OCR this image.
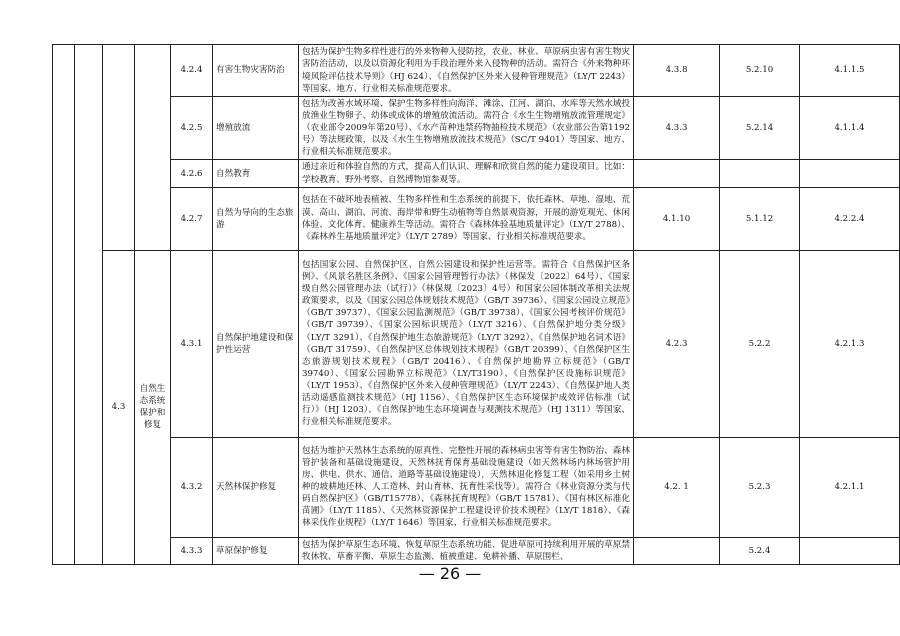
				4.2.4	有害生物灾害防治	包括为保护生物多样性进行的外来物种入侵防控，农业、林业、草原病虫害有害生物灾害防治活动，以及以资源化利用为手段治理外来入侵物种的活动。需符合《外来物种环境风险评估技术导则》（HJ 624）、《自然保护区外来入侵种管理规范》（LY/T 2243）等国家、地方、行业相关标准规范要求。	4.3.8	5.2.10	4.1.1.5
				4.2.5	增殖放流	包括为改善水域环境、保护生物多样性向海洋、滩涂、江河、湖泊、水库等天然水域投放渔业生物卵子、幼体或成体的增殖放流活动。需符合《水生生物增殖放流管理规定》（农业部令2009年第20号）、《水产苗种违禁药物抽检技术规范》（农业部公告第1192号）等法规政策，以及《水生生物增殖放流技术规范》（SC/T 9401）等国家、地方、行业相关标准规范要求。	4.3.3	5.2.14	4.1.1.4
				4.2.6	自然教育	通过亲近和体验自然的方式，提高人们认识、理解和欣赏自然的能力建设项目。比如：学校教育、野外考察、自然博物馆参观等。			
				4.2.7	自然为导向的生态旅游	包括在不破坏地表植被、生物多样性和生态系统的前提下，依托森林、草地、湿地、荒漠、高山、湖泊、河流、海岸带和野生动植物等自然景观资源，开展的游览观光、休闲体验、文化体育、健康养生等活动。需符合《森林体验基地质量评定》（LY/T 2788）、《森林养生基地质量评定》（LY/T 2789）等国家、行业相关标准规范要求。	4.1.10	5.1.12	4.2.2.4
		4.3	自然生态系统保护和修复	4.3.1	自然保护地建设和保护性运营	包括国家公园、自然保护区、自然公园建设和保护性运营等。需符合《自然保护区条例》、《风景名胜区条例》、《国家公园管理暂行办法》（林保发〔2022〕64号）、《国家级自然公园管理办法（试行）》（林保规〔2023〕4号）和国家公园体制改革相关法规政策要求，以及《国家公园总体规划技术规范》（GB/T 39736）、《国家公园设立规范》（GB/T 39737）、《国家公园监测规范》（GB/T 39738）、《国家公园考核评价规范》（GB/T 39739）、《国家公园标识规范》（LY/T 3216）、《自然保护地分类分级》（LY/T 3291）、《自然保护地生态旅游规范》（LY/T 3292）、《自然保护地名词术语》（GB/T 31759）、《自然保护区总体规划技术规程》（GB/T 20399）、《自然保护区生态旅游规划技术规程》（GB/T 20416）、《自然保护地勘界立标规范》（GB/T 39740）、《国家公园勘界立标规范》（LY/T3190）、《自然保护区设施标识规范》（LY/T 1953）、《自然保护区外来入侵种管理规范》（LY/T 2243）、《自然保护地人类活动遥感监测技术规范》（HJ 1156）、《自然保护区生态环境保护成效评估标准（试行）》（HJ 1203）、《自然保护地生态环境调查与观测技术规范》（HJ 1311）等国家、行业相关标准规范要求。	4.2.3	5.2.2	4.2.1.3
				4.3.2	天然林保护修复	包括为维护天然林生态系统的原真性、完整性开展的森林病虫害等有害生物防治、森林管护装备和基础设施建设，天然林抚育保育基础设施建设（如天然林场内林场管护用房、供电、供水、通信、道路等基础设施建设），天然林退化修复工程（如采用乡土树种的坡耕地还林、人工造林、封山育林、抚育性采伐等）。需符合《林业资源分类与代码自然保护区》（GB/T15778）、《森林抚育规程》（GB/T 15781）、《国有林区标准化苗圃》（LY/T 1185）、《天然林资源保护工程建设评价技术规程》（LY/T 1818）、《森林采伐作业规程》（LY/T 1646）等国家、行业相关标准规范要求。	4.2. 1	5.2.3	4.2.1.1
				4.3.3	草原保护修复	包括为保护草原生态环境、恢复草原生态系统功能、促进草原可持续利用开展的草原禁牧休牧、草畜平衡、草原生态监测、植被重建、免耕补播、草原围栏、		5.2.4	
— 26 —
